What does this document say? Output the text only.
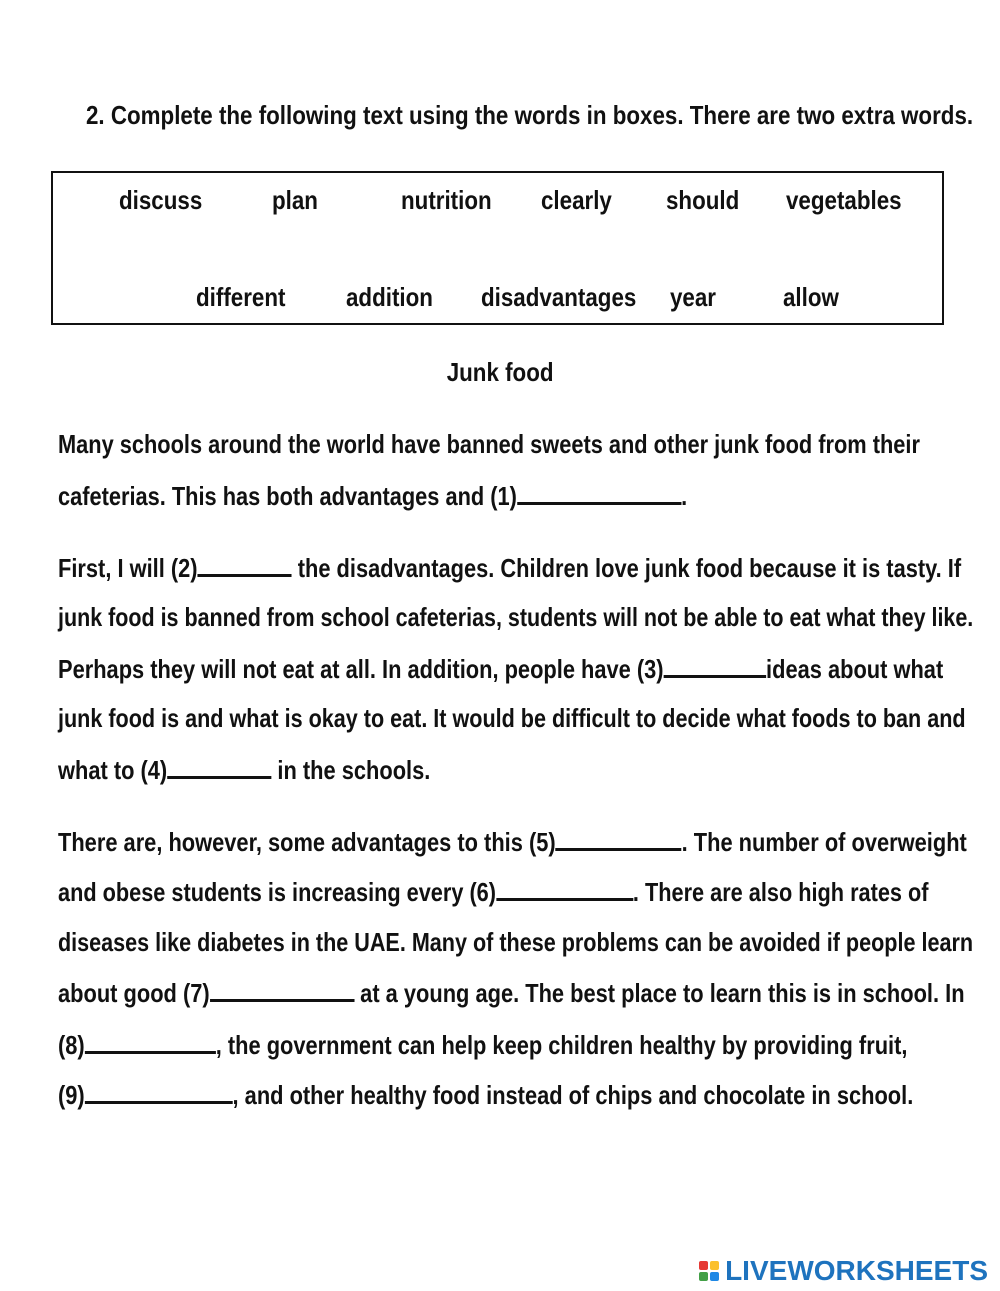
2. Complete the following text using the words in boxes. There are two extra words.
discuss	plan	nutrition clearly should vegetables
different addition disadvantages year	allow
Junk food
Many schools around the world have banned sweets and other junk food from their
cafeterias. This has both advantages and (1)	.
First, I will (2)	the disadvantages. Children love junk food because it is tasty. If
junk food is banned from school cafeterias, students will not be able to eat what they like.
Perhaps they will not eat at all. In addition, people have (3)	ideas about what
junk food is and what is okay to eat. It would be difficult to decide what foods to ban and
what to (4)	in the schools.
There are, however, some advantages to this (5)	. The number of overweight
and obese students is increasing every (6)	. There are also high rates of
diseases like diabetes in the UAE. Many of these problems can be avoided if people learn
about good (7)	at a young age. The best place to learn this is in school. In
(8)	, the government can help keep children healthy by providing fruit,
(9)	, and other healthy food instead of chips and chocolate in school.
LIVEWORKSHEETS
